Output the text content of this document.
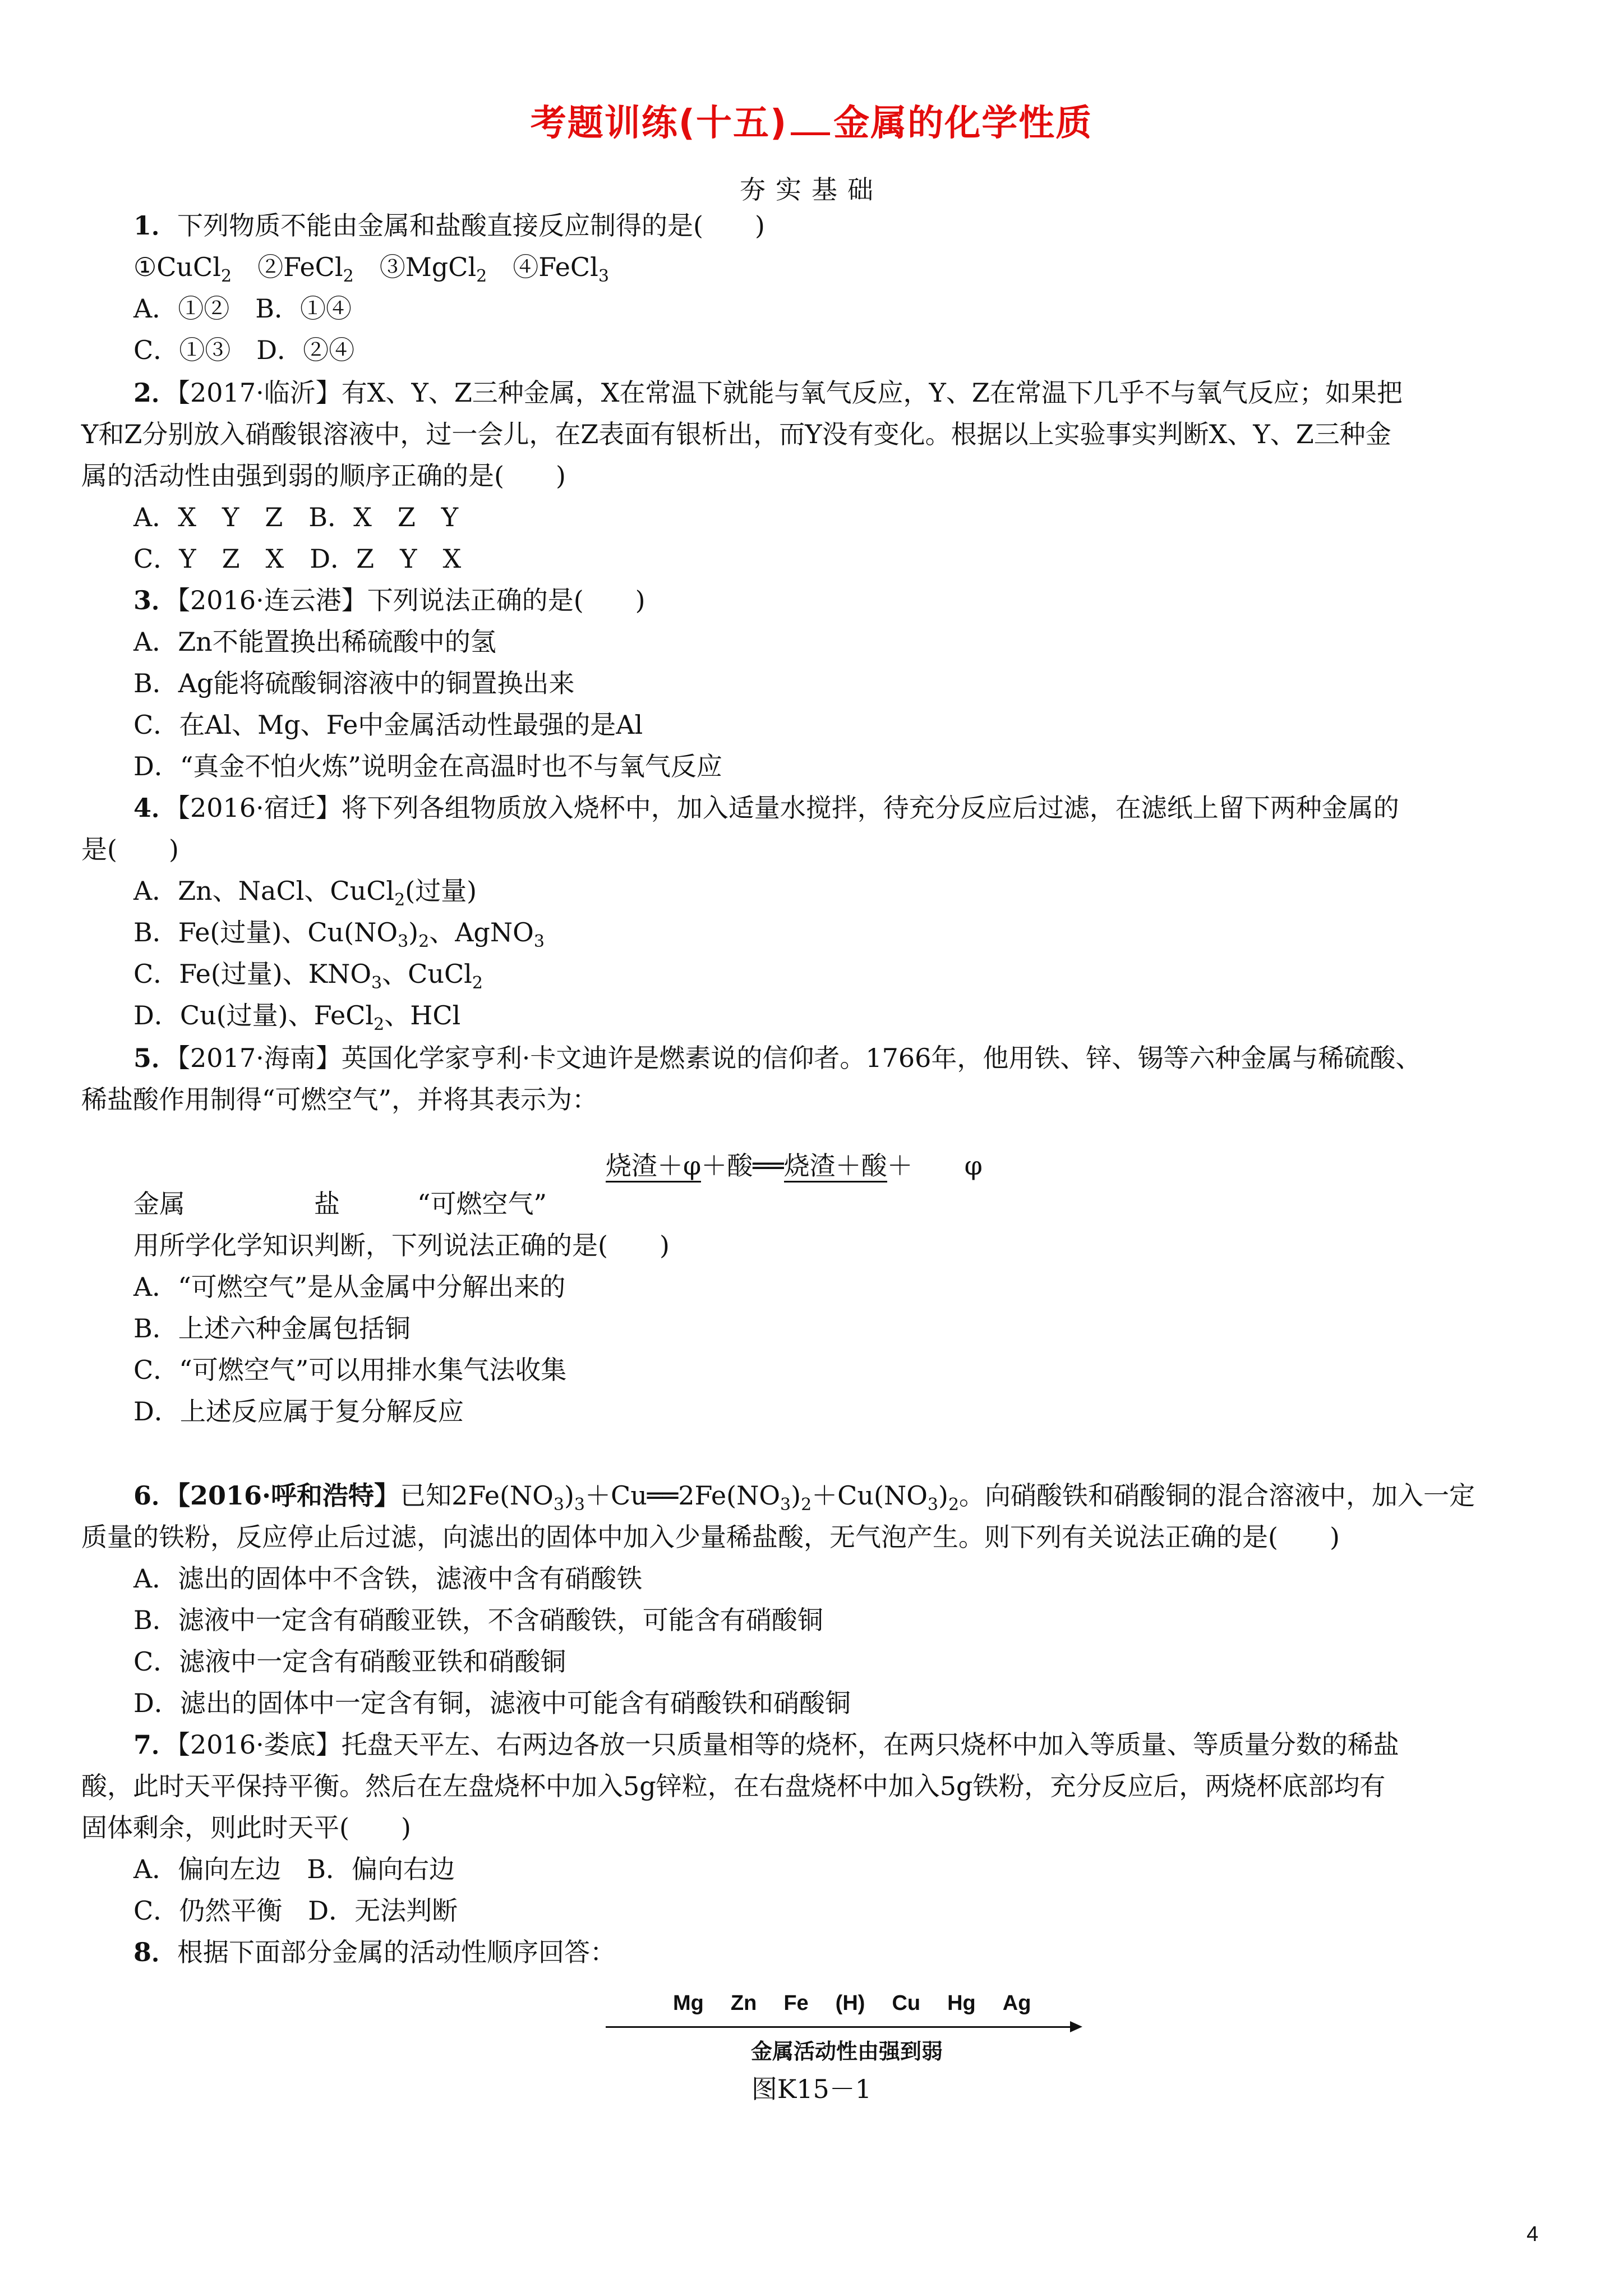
考题训练(十五) 金属的化学性质
夯实基础
1．下列物质不能由金属和盐酸直接反应制得的是(　　)
①CuCl$_2$　②FeCl$_2$　③MgCl$_2$　④FeCl$_3$
A．①②　B．①④
C．①③　D．②④
2．【2017·临沂】有X、Y、Z三种金属，X在常温下就能与氧气反应，Y、Z在常温下几乎不与氧气反应；如果把
Y和Z分别放入硝酸银溶液中，过一会儿，在Z表面有银析出，而Y没有变化。根据以上实验事实判断X、Y、Z三种金
属的活动性由强到弱的顺序正确的是(　　)
A．X　Y　Z　B．X　Z　Y
C．Y　Z　X　D．Z　Y　X
3．【2016·连云港】下列说法正确的是(　　)
A．Zn不能置换出稀硫酸中的氢
B．Ag能将硫酸铜溶液中的铜置换出来
C．在Al、Mg、Fe中金属活动性最强的是Al
D．“真金不怕火炼”说明金在高温时也不与氧气反应
4．【2016·宿迁】将下列各组物质放入烧杯中，加入适量水搅拌，待充分反应后过滤，在滤纸上留下两种金属的
是(　　)
A．Zn、NaCl、CuCl$_2$(过量)
B．Fe(过量)、$Cu(NO_3)_2$、AgNO$_3$
C．Fe(过量)、$KNO_3$、CuCl$_2$
D．Cu(过量)、FeCl$_2$、HCl
5．【2017·海南】英国化学家亨利·卡文迪许是燃素说的信仰者。1766年，他用铁、锌、锡等六种金属与稀硫酸、
稀盐酸作用制得“可燃空气”，并将其表示为：
烧渣＋φ＋酸══烧渣＋酸＋　　φ
金属　　　　　盐　　　“可燃空气”
用所学化学知识判断，下列说法正确的是(　　)
A．“可燃空气”是从金属中分解出来的
B．上述六种金属包括铜
C．“可燃空气”可以用排水集气法收集
D．上述反应属于复分解反应
6．【2016·呼和浩特】已知$2Fe(NO_3)_3+Cu══2Fe(NO_3)_2+Cu(NO_3)_2$。向硝酸铁和硝酸铜的混合溶液中，加入一定
质量的铁粉，反应停止后过滤，向滤出的固体中加入少量稀盐酸，无气泡产生。则下列有关说法正确的是(　　)
A．滤出的固体中不含铁，滤液中含有硝酸铁
B．滤液中一定含有硝酸亚铁，不含硝酸铁，可能含有硝酸铜
C．滤液中一定含有硝酸亚铁和硝酸铜
D．滤出的固体中一定含有铜，滤液中可能含有硝酸铁和硝酸铜
7．【2016·娄底】托盘天平左、右两边各放一只质量相等的烧杯，在两只烧杯中加入等质量、等质量分数的稀盐
酸，此时天平保持平衡。然后在左盘烧杯中加入5g锌粒，在右盘烧杯中加入5g铁粉，充分反应后，两烧杯底部均有
固体剩余，则此时天平(　　)
A．偏向左边　B．偏向右边
C．仍然平衡　D．无法判断
8．根据下面部分金属的活动性顺序回答：
Mg Zn Fe (H) Cu Hg Ag
金属活动性由强到弱
图K15－1
4
